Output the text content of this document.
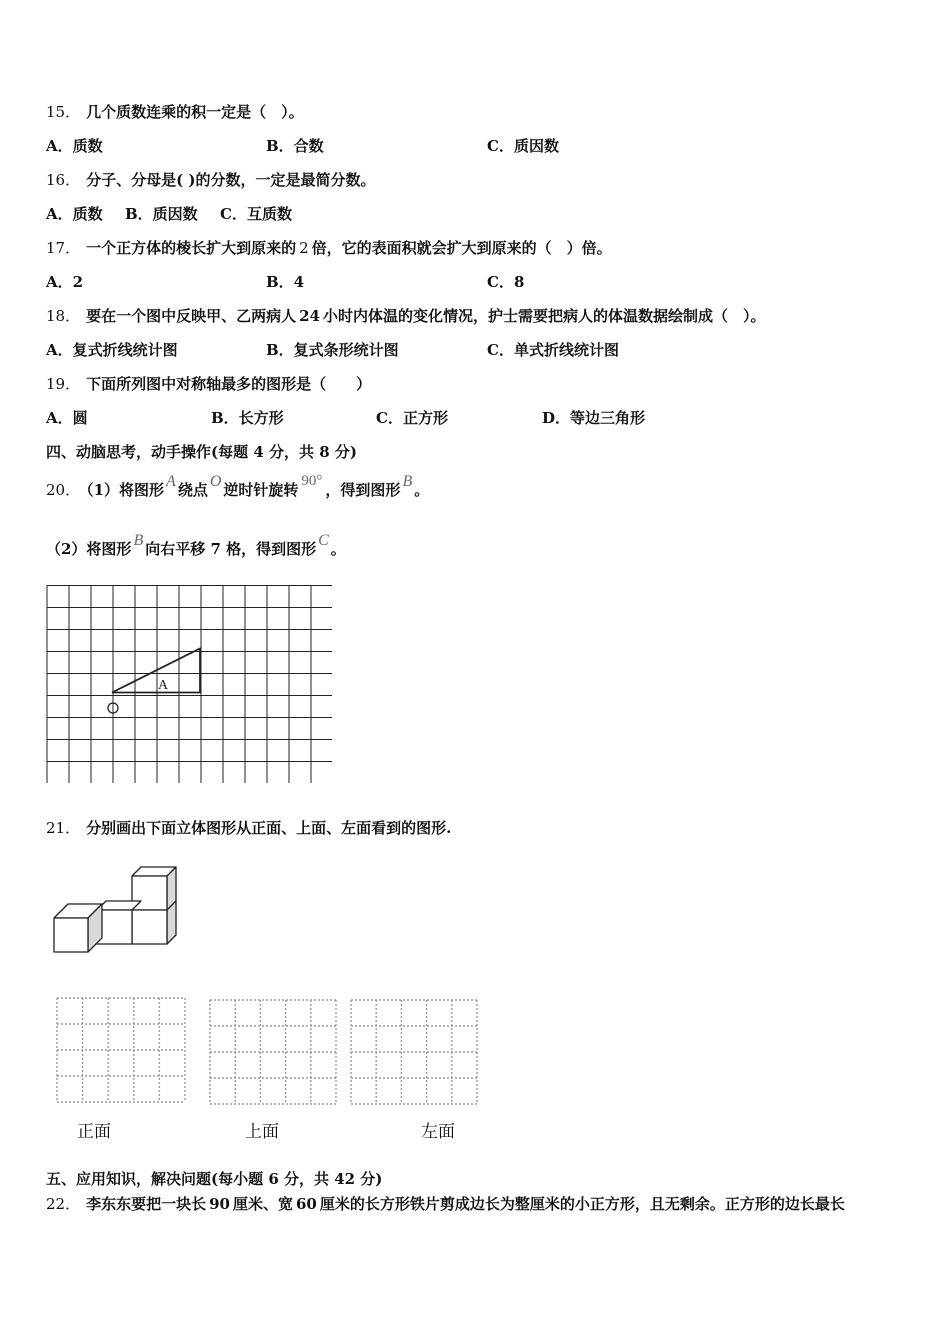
15． 几个质数连乘的积一定是（　）。
A．质数	B．合数	C．质因数
16． 分子、分母是( )的分数，一定是最简分数。
A．质数 B．质因数 C．互质数
17． 一个正方体的棱长扩大到原来的 2 倍，它的表面积就会扩大到原来的（　）倍。
A．2	B．4	C．8
18． 要在一个图中反映甲、乙两病人 24 小时内体温的变化情况，护士需要把病人的体温数据绘制成（　）。
A．复式折线统计图	B．复式条形统计图	C．单式折线统计图
19． 下面所列图中对称轴最多的图形是（　　）
A．圆	B．长方形	C．正方形	D．等边三角形
四、动脑思考，动手操作(每题 4 分，共 8 分)
20． （1）将图形 A 绕点 O 逆时针旋转 90° ，得到图形 B 。
（2）将图形 B 向右平移 7 格，得到图形 C 。
A
21． 分别画出下面立体图形从正面、上面、左面看到的图形.
正面	上面	左面
五、应用知识，解决问题(每小题 6 分，共 42 分)
22． 李东东要把一块长 90 厘米、宽 60 厘米的长方形铁片剪成边长为整厘米的小正方形，且无剩余。正方形的边长最长
